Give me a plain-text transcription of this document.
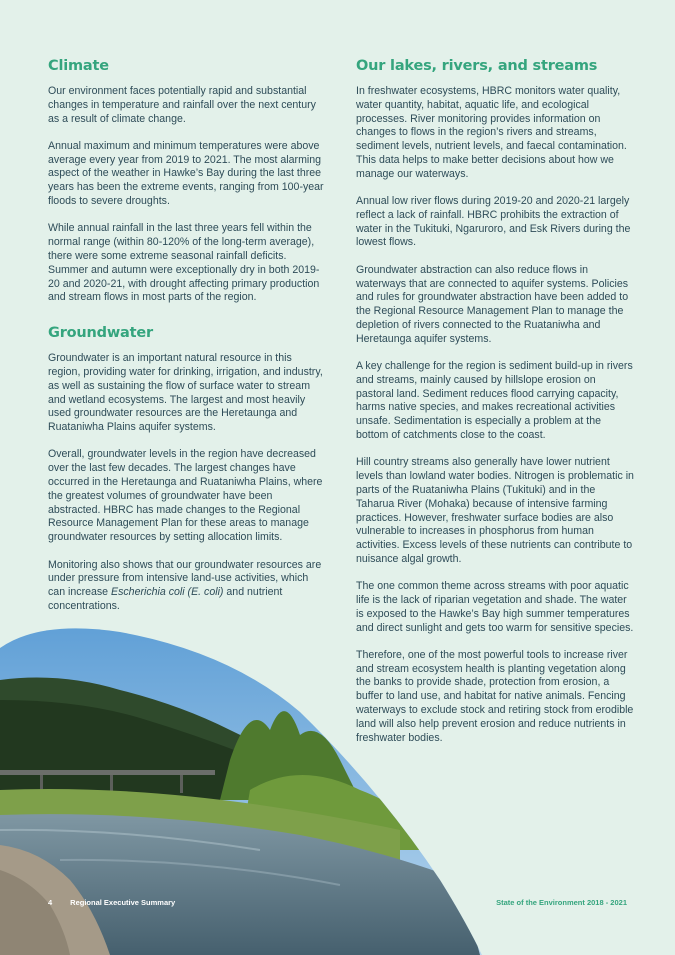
Climate

Our environment faces potentially rapid and substantial changes in temperature and rainfall over the next century as a result of climate change.

Annual maximum and minimum temperatures were above average every year from 2019 to 2021. The most alarming aspect of the weather in Hawke’s Bay during the last three years has been the extreme events, ranging from 100-year floods to severe droughts.

While annual rainfall in the last three years fell within the normal range (within 80-120% of the long-term average), there were some extreme seasonal rainfall deficits. Summer and autumn were exceptionally dry in both 2019-20 and 2020-21, with drought affecting primary production and stream flows in most parts of the region.

Groundwater

Groundwater is an important natural resource in this region, providing water for drinking, irrigation, and industry, as well as sustaining the flow of surface water to stream and wetland ecosystems. The largest and most heavily used groundwater resources are the Heretaunga and Ruataniwha Plains aquifer systems.

Overall, groundwater levels in the region have decreased over the last few decades. The largest changes have occurred in the Heretaunga and Ruataniwha Plains, where the greatest volumes of groundwater have been abstracted. HBRC has made changes to the Regional Resource Management Plan for these areas to manage groundwater resources by setting allocation limits.

Monitoring also shows that our groundwater resources are under pressure from intensive land-use activities, which can increase Escherichia coli (E. coli) and nutrient concentrations.

Our lakes, rivers, and streams

In freshwater ecosystems, HBRC monitors water quality, water quantity, habitat, aquatic life, and ecological processes. River monitoring provides information on changes to flows in the region’s rivers and streams, sediment levels, nutrient levels, and faecal contamination. This data helps to make better decisions about how we manage our waterways.

Annual low river flows during 2019-20 and 2020-21 largely reflect a lack of rainfall. HBRC prohibits the extraction of water in the Tukituki, Ngaruroro, and Esk Rivers during the lowest flows.

Groundwater abstraction can also reduce flows in waterways that are connected to aquifer systems. Policies and rules for groundwater abstraction have been added to the Regional Resource Management Plan to manage the depletion of rivers connected to the Ruataniwha and Heretaunga aquifer systems.

A key challenge for the region is sediment build-up in rivers and streams, mainly caused by hillslope erosion on pastoral land. Sediment reduces flood carrying capacity, harms native species, and makes recreational activities unsafe. Sedimentation is especially a problem at the bottom of catchments close to the coast.

Hill country streams also generally have lower nutrient levels than lowland water bodies. Nitrogen is problematic in parts of the Ruataniwha Plains (Tukituki) and in the Taharua River (Mohaka) because of intensive farming practices. However, freshwater surface bodies are also vulnerable to increases in phosphorus from human activities. Excess levels of these nutrients can contribute to nuisance algal growth.

The one common theme across streams with poor aquatic life is the lack of riparian vegetation and shade. The water is exposed to the Hawke’s Bay high summer temperatures and direct sunlight and gets too warm for sensitive species.

Therefore, one of the most powerful tools to increase river and stream ecosystem health is planting vegetation along the banks to provide shade, protection from erosion, a buffer to land use, and habitat for native animals. Fencing waterways to exclude stock and retiring stock from erodible land will also help prevent erosion and reduce nutrients in freshwater bodies.

4 Regional Executive Summary	State of the Environment 2018 - 2021
